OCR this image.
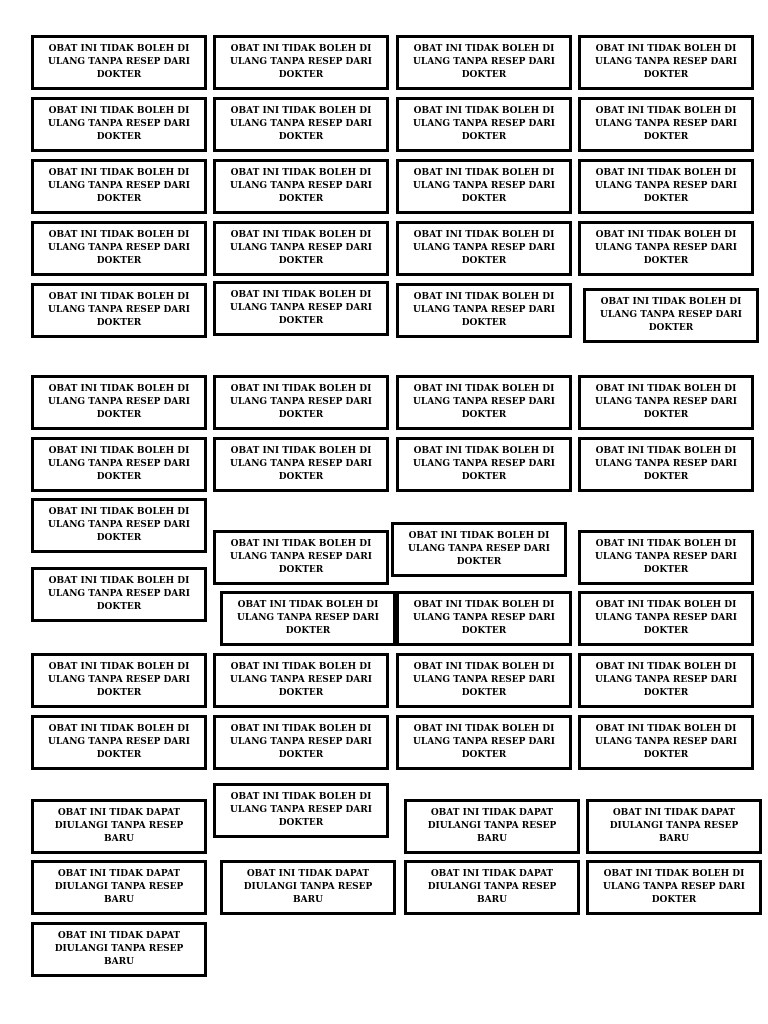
OBAT INI TIDAK BOLEH DI
ULANG TANPA RESEP DARI
DOKTER
OBAT INI TIDAK BOLEH DI
ULANG TANPA RESEP DARI
DOKTER
OBAT INI TIDAK BOLEH DI
ULANG TANPA RESEP DARI
DOKTER
OBAT INI TIDAK BOLEH DI
ULANG TANPA RESEP DARI
DOKTER
OBAT INI TIDAK BOLEH DI
ULANG TANPA RESEP DARI
DOKTER
OBAT INI TIDAK BOLEH DI
ULANG TANPA RESEP DARI
DOKTER
OBAT INI TIDAK BOLEH DI
ULANG TANPA RESEP DARI
DOKTER
OBAT INI TIDAK BOLEH DI
ULANG TANPA RESEP DARI
DOKTER
OBAT INI TIDAK BOLEH DI
ULANG TANPA RESEP DARI
DOKTER
OBAT INI TIDAK BOLEH DI
ULANG TANPA RESEP DARI
DOKTER
OBAT INI TIDAK BOLEH DI
ULANG TANPA RESEP DARI
DOKTER
OBAT INI TIDAK BOLEH DI
ULANG TANPA RESEP DARI
DOKTER
OBAT INI TIDAK BOLEH DI
ULANG TANPA RESEP DARI
DOKTER
OBAT INI TIDAK BOLEH DI
ULANG TANPA RESEP DARI
DOKTER
OBAT INI TIDAK BOLEH DI
ULANG TANPA RESEP DARI
DOKTER
OBAT INI TIDAK BOLEH DI
ULANG TANPA RESEP DARI
DOKTER
OBAT INI TIDAK BOLEH DI
ULANG TANPA RESEP DARI
DOKTER
OBAT INI TIDAK BOLEH DI
ULANG TANPA RESEP DARI
DOKTER
OBAT INI TIDAK BOLEH DI
ULANG TANPA RESEP DARI
DOKTER
OBAT INI TIDAK BOLEH DI
ULANG TANPA RESEP DARI
DOKTER
OBAT INI TIDAK BOLEH DI
ULANG TANPA RESEP DARI
DOKTER
OBAT INI TIDAK BOLEH DI
ULANG TANPA RESEP DARI
DOKTER
OBAT INI TIDAK BOLEH DI
ULANG TANPA RESEP DARI
DOKTER
OBAT INI TIDAK BOLEH DI
ULANG TANPA RESEP DARI
DOKTER
OBAT INI TIDAK BOLEH DI
ULANG TANPA RESEP DARI
DOKTER
OBAT INI TIDAK BOLEH DI
ULANG TANPA RESEP DARI
DOKTER
OBAT INI TIDAK BOLEH DI
ULANG TANPA RESEP DARI
DOKTER
OBAT INI TIDAK BOLEH DI
ULANG TANPA RESEP DARI
DOKTER
OBAT INI TIDAK BOLEH DI
ULANG TANPA RESEP DARI
DOKTER
OBAT INI TIDAK BOLEH DI
ULANG TANPA RESEP DARI
DOKTER
OBAT INI TIDAK BOLEH DI
ULANG TANPA RESEP DARI
DOKTER
OBAT INI TIDAK BOLEH DI
ULANG TANPA RESEP DARI
DOKTER
OBAT INI TIDAK BOLEH DI
ULANG TANPA RESEP DARI
DOKTER	OBAT INI TIDAK BOLEH DI
ULANG TANPA RESEP DARI
DOKTER
OBAT INI TIDAK BOLEH DI
ULANG TANPA RESEP DARI
DOKTER
OBAT INI TIDAK BOLEH DI
ULANG TANPA RESEP DARI
DOKTER
OBAT INI TIDAK BOLEH DI
ULANG TANPA RESEP DARI
DOKTER
OBAT INI TIDAK BOLEH DI
ULANG TANPA RESEP DARI
DOKTER
OBAT INI TIDAK BOLEH DI
ULANG TANPA RESEP DARI
DOKTER
OBAT INI TIDAK BOLEH DI
ULANG TANPA RESEP DARI
DOKTER
OBAT INI TIDAK BOLEH DI
ULANG TANPA RESEP DARI
DOKTER
OBAT INI TIDAK BOLEH DI
ULANG TANPA RESEP DARI
DOKTER
OBAT INI TIDAK BOLEH DI
ULANG TANPA RESEP DARI
DOKTER
OBAT INI TIDAK BOLEH DI
ULANG TANPA RESEP DARI
DOKTER
OBAT INI TIDAK DAPAT
DIULANGI TANPA RESEP
BARU
OBAT INI TIDAK BOLEH DI
ULANG TANPA RESEP DARI
DOKTER
OBAT INI TIDAK DAPAT
DIULANGI TANPA RESEP
BARU
OBAT INI TIDAK DAPAT
DIULANGI TANPA RESEP
BARU
OBAT INI TIDAK DAPAT
DIULANGI TANPA RESEP
BARU
OBAT INI TIDAK DAPAT
DIULANGI TANPA RESEP
BARU
OBAT INI TIDAK DAPAT
DIULANGI TANPA RESEP
BARU
OBAT INI TIDAK BOLEH DI
ULANG TANPA RESEP DARI
DOKTER
OBAT INI TIDAK DAPAT
DIULANGI TANPA RESEP
BARU
